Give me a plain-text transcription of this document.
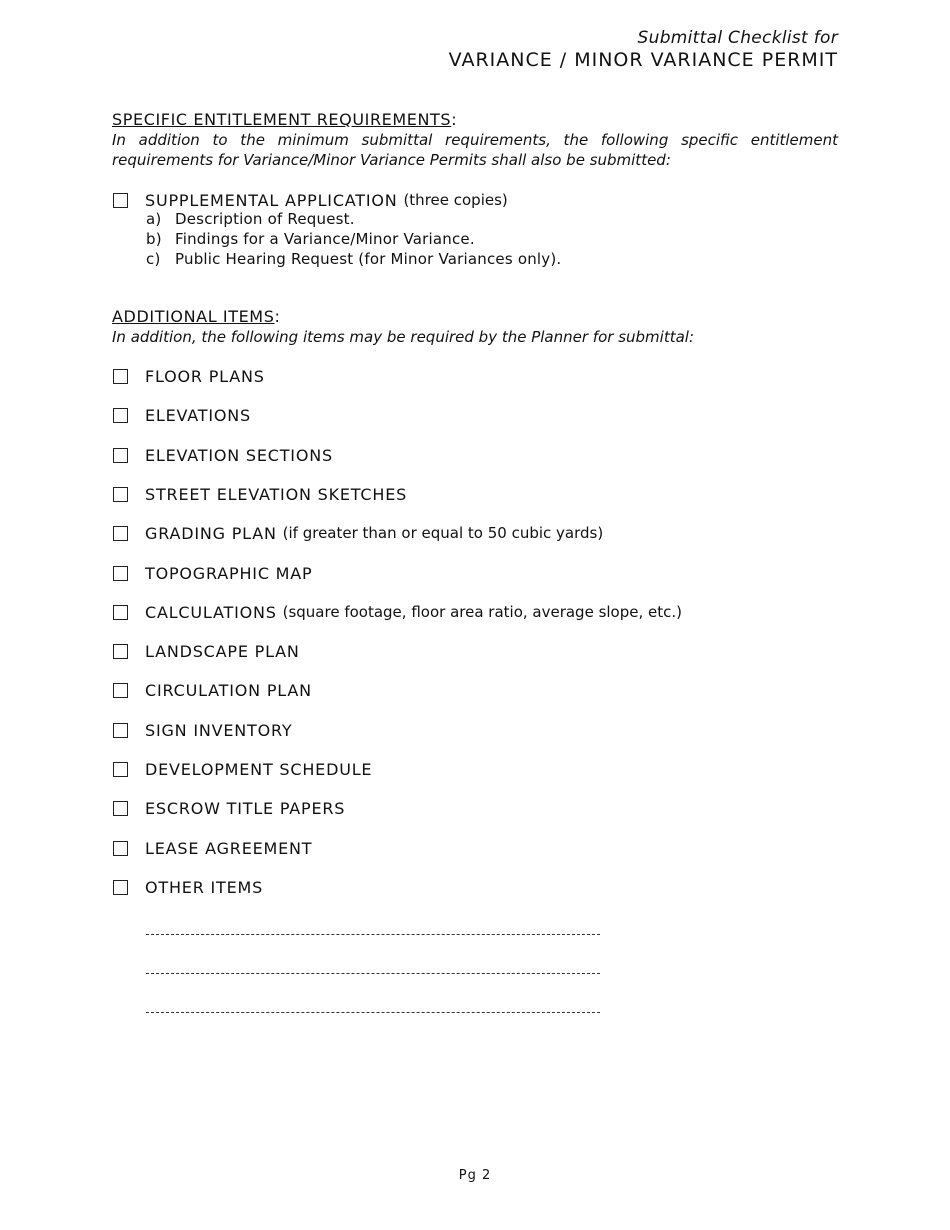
Submittal Checklist for
VARIANCE / MINOR VARIANCE PERMIT
SPECIFIC ENTITLEMENT REQUIREMENTS:
In addition to the minimum submittal requirements, the following specific entitlement requirements for Variance/Minor Variance Permits shall also be submitted:
SUPPLEMENTAL APPLICATION
(three copies)
a) Description of Request.
b) Findings for a Variance/Minor Variance.
c) Public Hearing Request (for Minor Variances only).
ADDITIONAL ITEMS:
In addition, the following items may be required by the Planner for submittal:
FLOOR PLANS
ELEVATIONS
ELEVATION SECTIONS
STREET ELEVATION SKETCHES
GRADING PLAN
(if greater than or equal to 50 cubic yards)
TOPOGRAPHIC MAP
CALCULATIONS
(square footage, floor area ratio, average slope, etc.)
LANDSCAPE PLAN
CIRCULATION PLAN
SIGN INVENTORY
DEVELOPMENT SCHEDULE
ESCROW TITLE PAPERS
LEASE AGREEMENT
OTHER ITEMS
Pg 2
